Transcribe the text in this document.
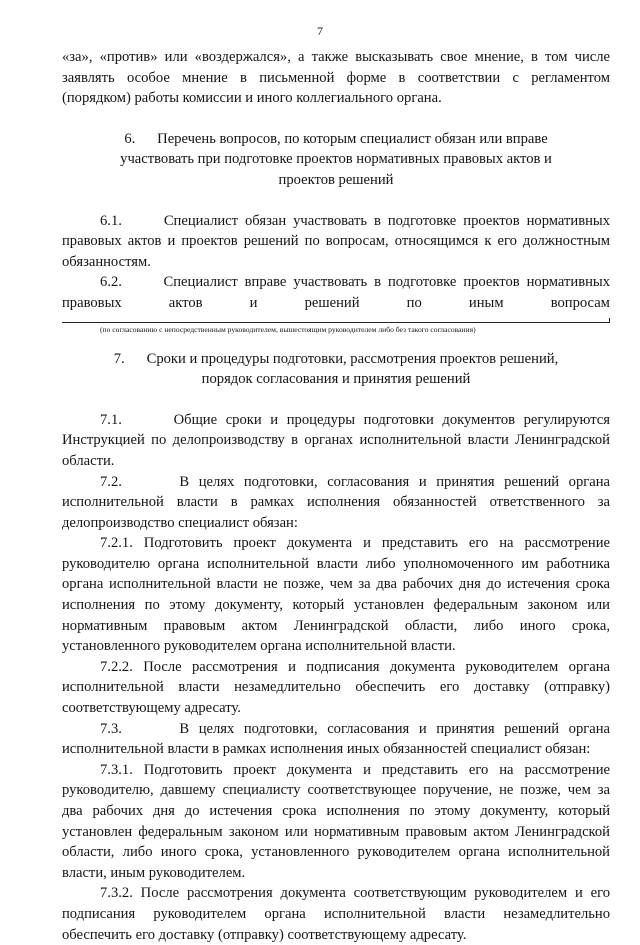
7

«за», «против» или «воздержался», а также высказывать свое мнение, в том числе

заявлять особое мнение в письменной форме в соответствии с регламентом

(порядком) работы комиссии и иного коллегиального органа.

6.      Перечень вопросов, по которым специалист обязан или вправе

участвовать при подготовке проектов нормативных правовых актов и

проектов решений

6.1.      Специалист обязан участвовать в подготовке проектов нормативных

правовых актов и проектов решений по вопросам, относящимся к его должностным

обязанностям.

6.2.      Специалист вправе участвовать в подготовке проектов нормативных

правовых	актов	и	решений	по	иным	вопросам

(по согласованию с непосредственным руководителем, вышестоящим руководителем либо без такого согласования)

7.      Сроки и процедуры подготовки, рассмотрения проектов решений,

порядок согласования и принятия решений

7.1.      Общие сроки и процедуры подготовки документов регулируются

Инструкцией по делопроизводству в органах исполнительной власти Ленинградской

области.

7.2.      В целях подготовки, согласования и принятия решений органа

исполнительной власти в рамках исполнения обязанностей ответственного за

делопроизводство специалист обязан:

7.2.1. Подготовить проект документа и представить его на рассмотрение

руководителю органа исполнительной власти либо уполномоченного им работника

органа исполнительной власти не позже, чем за два рабочих дня до истечения срока

исполнения по этому документу, который установлен федеральным законом или

нормативным правовым актом Ленинградской области, либо иного срока,

установленного руководителем органа исполнительной власти.

7.2.2. После рассмотрения и подписания документа руководителем органа

исполнительной власти незамедлительно обеспечить его доставку (отправку)

соответствующему адресату.

7.3.      В целях подготовки, согласования и принятия решений органа

исполнительной власти в рамках исполнения иных обязанностей специалист обязан:

7.3.1. Подготовить проект документа и представить его на рассмотрение

руководителю, давшему специалисту соответствующее поручение, не позже, чем за

два рабочих дня до истечения срока исполнения по этому документу, который

установлен федеральным законом или нормативным правовым актом Ленинградской

области, либо иного срока, установленного руководителем органа исполнительной

власти, иным руководителем.

7.3.2. После рассмотрения документа соответствующим руководителем и его

подписания руководителем органа исполнительной власти незамедлительно

обеспечить его доставку (отправку) соответствующему адресату.
